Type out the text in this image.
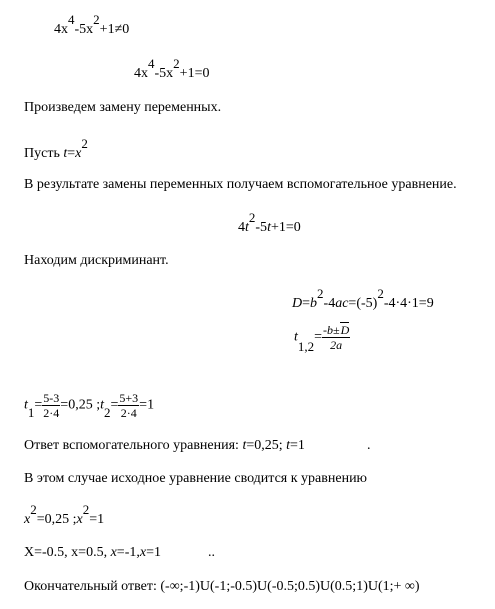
4x4-5x2+1≠0
4x4-5x2+1=0
Произведем замену переменных.
Пусть t=x2
В результате замены переменных получаем вспомогательное уравнение.
4t2-5t+1=0
Находим дискриминант.
D=b2-4ac=(-5)2-4·4·1=9
$t1,2= \frac{-b\pm D}{2a}$
$t1= \frac{5-3}{2\cdot 4} =0,25$ ;t2= $\frac{5+3}{2\cdot 4} =1$
Ответ вспомогательного уравнения: t=0,25; t=1	.
В этом случае исходное уравнение сводится к уравнению
x2=0,25 ;x2=1
X=-0.5, x=0.5, x=-1,x=1	..
Окончательный ответ: (-∞;-1)U(-1;-0.5)U(-0.5;0.5)U(0.5;1)U(1;+ ∞)
